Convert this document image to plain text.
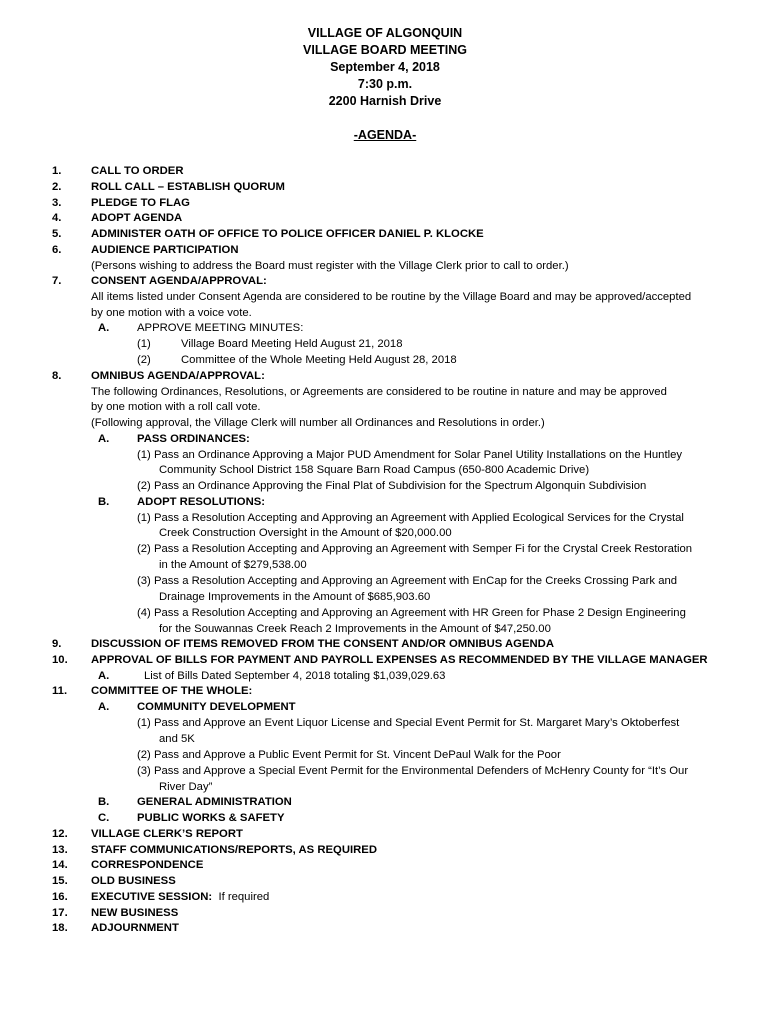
VILLAGE OF ALGONQUIN
VILLAGE BOARD MEETING
September 4, 2018
7:30 p.m.
2200 Harnish Drive
-AGENDA-
1.	CALL TO ORDER
2.	ROLL CALL – ESTABLISH QUORUM
3.	PLEDGE TO FLAG
4.	ADOPT AGENDA
5.	ADMINISTER OATH OF OFFICE TO POLICE OFFICER DANIEL P. KLOCKE
6.	AUDIENCE PARTICIPATION
(Persons wishing to address the Board must register with the Village Clerk prior to call to order.)
7.	CONSENT AGENDA/APPROVAL:
All items listed under Consent Agenda are considered to be routine by the Village Board and may be approved/accepted
by one motion with a voice vote.
A. APPROVE MEETING MINUTES:
(1)	Village Board Meeting Held August 21, 2018
(2)	Committee of the Whole Meeting Held August 28, 2018
8.	OMNIBUS AGENDA/APPROVAL:
The following Ordinances, Resolutions, or Agreements are considered to be routine in nature and may be approved
by one motion with a roll call vote.
(Following approval, the Village Clerk will number all Ordinances and Resolutions in order.)
A. PASS ORDINANCES:
(1) Pass an Ordinance Approving a Major PUD Amendment for Solar Panel Utility Installations on the Huntley
Community School District 158 Square Barn Road Campus (650-800 Academic Drive)
(2) Pass an Ordinance Approving the Final Plat of Subdivision for the Spectrum Algonquin Subdivision
B. ADOPT RESOLUTIONS:
(1) Pass a Resolution Accepting and Approving an Agreement with Applied Ecological Services for the Crystal
Creek Construction Oversight in the Amount of $20,000.00
(2) Pass a Resolution Accepting and Approving an Agreement with Semper Fi for the Crystal Creek Restoration
in the Amount of $279,538.00
(3) Pass a Resolution Accepting and Approving an Agreement with EnCap for the Creeks Crossing Park and
Drainage Improvements in the Amount of $685,903.60
(4) Pass a Resolution Accepting and Approving an Agreement with HR Green for Phase 2 Design Engineering
for the Souwannas Creek Reach 2 Improvements in the Amount of $47,250.00
9.	DISCUSSION OF ITEMS REMOVED FROM THE CONSENT AND/OR OMNIBUS AGENDA
10. APPROVAL OF BILLS FOR PAYMENT AND PAYROLL EXPENSES AS RECOMMENDED BY THE VILLAGE MANAGER
A.	List of Bills Dated September 4, 2018 totaling $1,039,029.63
11. COMMITTEE OF THE WHOLE:
A. COMMUNITY DEVELOPMENT
(1) Pass and Approve an Event Liquor License and Special Event Permit for St. Margaret Mary’s Oktoberfest
and 5K
(2) Pass and Approve a Public Event Permit for St. Vincent DePaul Walk for the Poor
(3) Pass and Approve a Special Event Permit for the Environmental Defenders of McHenry County for “It’s Our
River Day”
B. GENERAL ADMINISTRATION
C. PUBLIC WORKS & SAFETY
12. VILLAGE CLERK’S REPORT
13. STAFF COMMUNICATIONS/REPORTS, AS REQUIRED
14. CORRESPONDENCE
15. OLD BUSINESS
16. EXECUTIVE SESSION: If required
17. NEW BUSINESS
18. ADJOURNMENT
